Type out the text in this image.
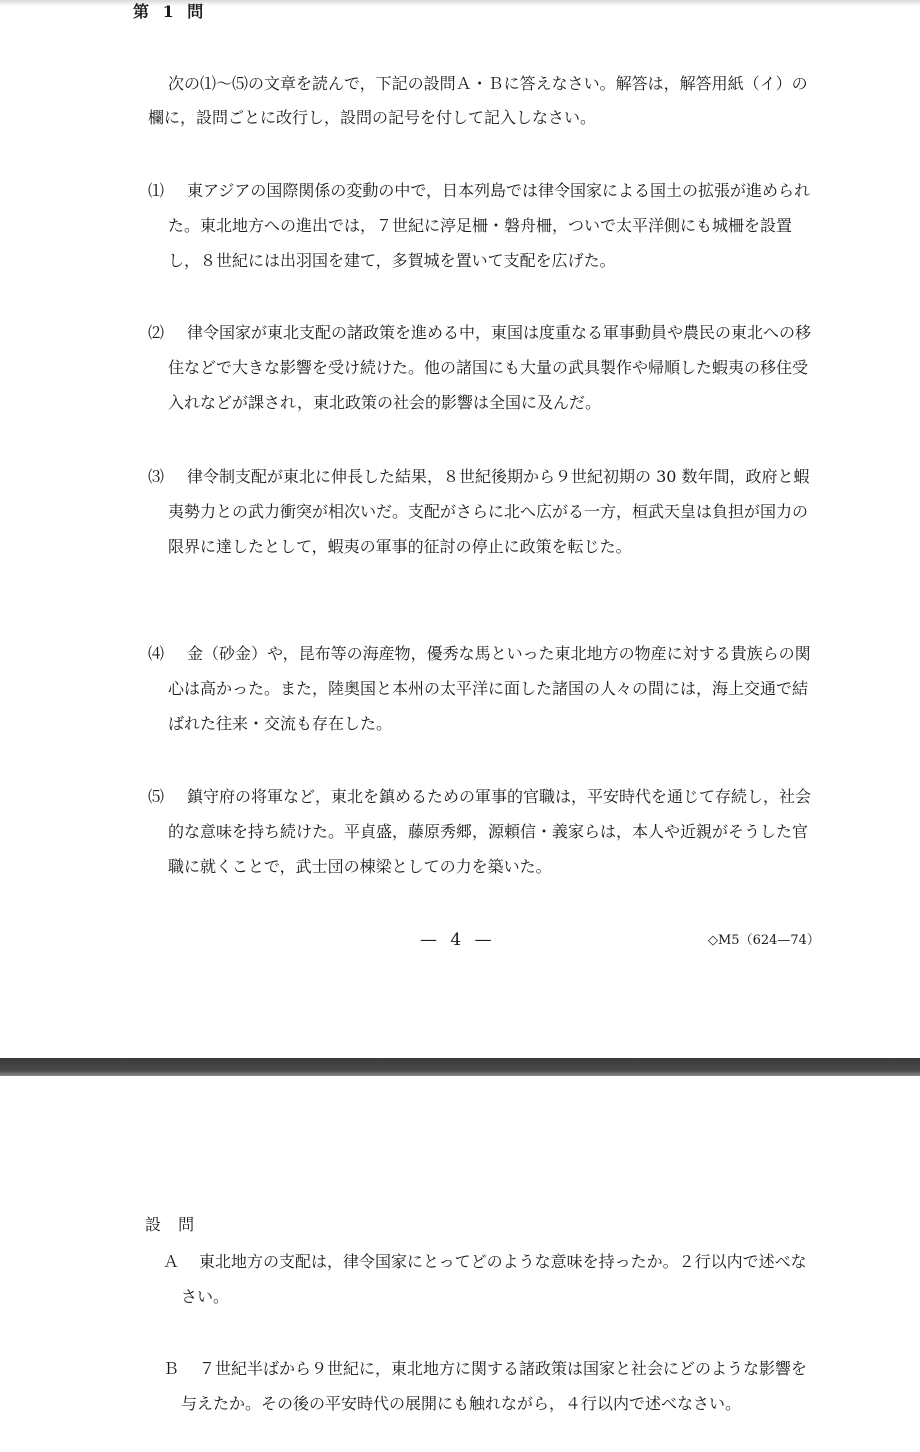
第 1 問
次の⑴〜⑸の文章を読んで，下記の設問Ａ・Ｂに答えなさい。解答は，解答用紙（イ）の欄に，設問ごとに改行し，設問の記号を付して記入しなさい。
⑴	東アジアの国際関係の変動の中で，日本列島では律令国家による国土の拡張が進められた。東北地方への進出では，７世紀に渟足柵・磐舟柵，ついで太平洋側にも城柵を設置し，８世紀には出羽国を建て，多賀城を置いて支配を広げた。
⑵	律令国家が東北支配の諸政策を進める中，東国は度重なる軍事動員や農民の東北への移住などで大きな影響を受け続けた。他の諸国にも大量の武具製作や帰順した蝦夷の移住受入れなどが課され，東北政策の社会的影響は全国に及んだ。
⑶	律令制支配が東北に伸長した結果，８世紀後期から９世紀初期の 30 数年間，政府と蝦夷勢力との武力衝突が相次いだ。支配がさらに北へ広がる一方，桓武天皇は負担が国力の限界に達したとして，蝦夷の軍事的征討の停止に政策を転じた。
⑷	金（砂金）や，昆布等の海産物，優秀な馬といった東北地方の物産に対する貴族らの関心は高かった。また，陸奥国と本州の太平洋に面した諸国の人々の間には，海上交通で結ばれた往来・交流も存在した。
⑸	鎮守府の将軍など，東北を鎮めるための軍事的官職は，平安時代を通じて存続し，社会的な意味を持ち続けた。平貞盛，藤原秀郷，源頼信・義家らは，本人や近親がそうした官職に就くことで，武士団の棟梁としての力を築いた。
— 4 —	◇M5（624—74）
設 問
Ａ	東北地方の支配は，律令国家にとってどのような意味を持ったか。２行以内で述べなさい。
Ｂ	７世紀半ばから９世紀に，東北地方に関する諸政策は国家と社会にどのような影響を与えたか。その後の平安時代の展開にも触れながら，４行以内で述べなさい。
